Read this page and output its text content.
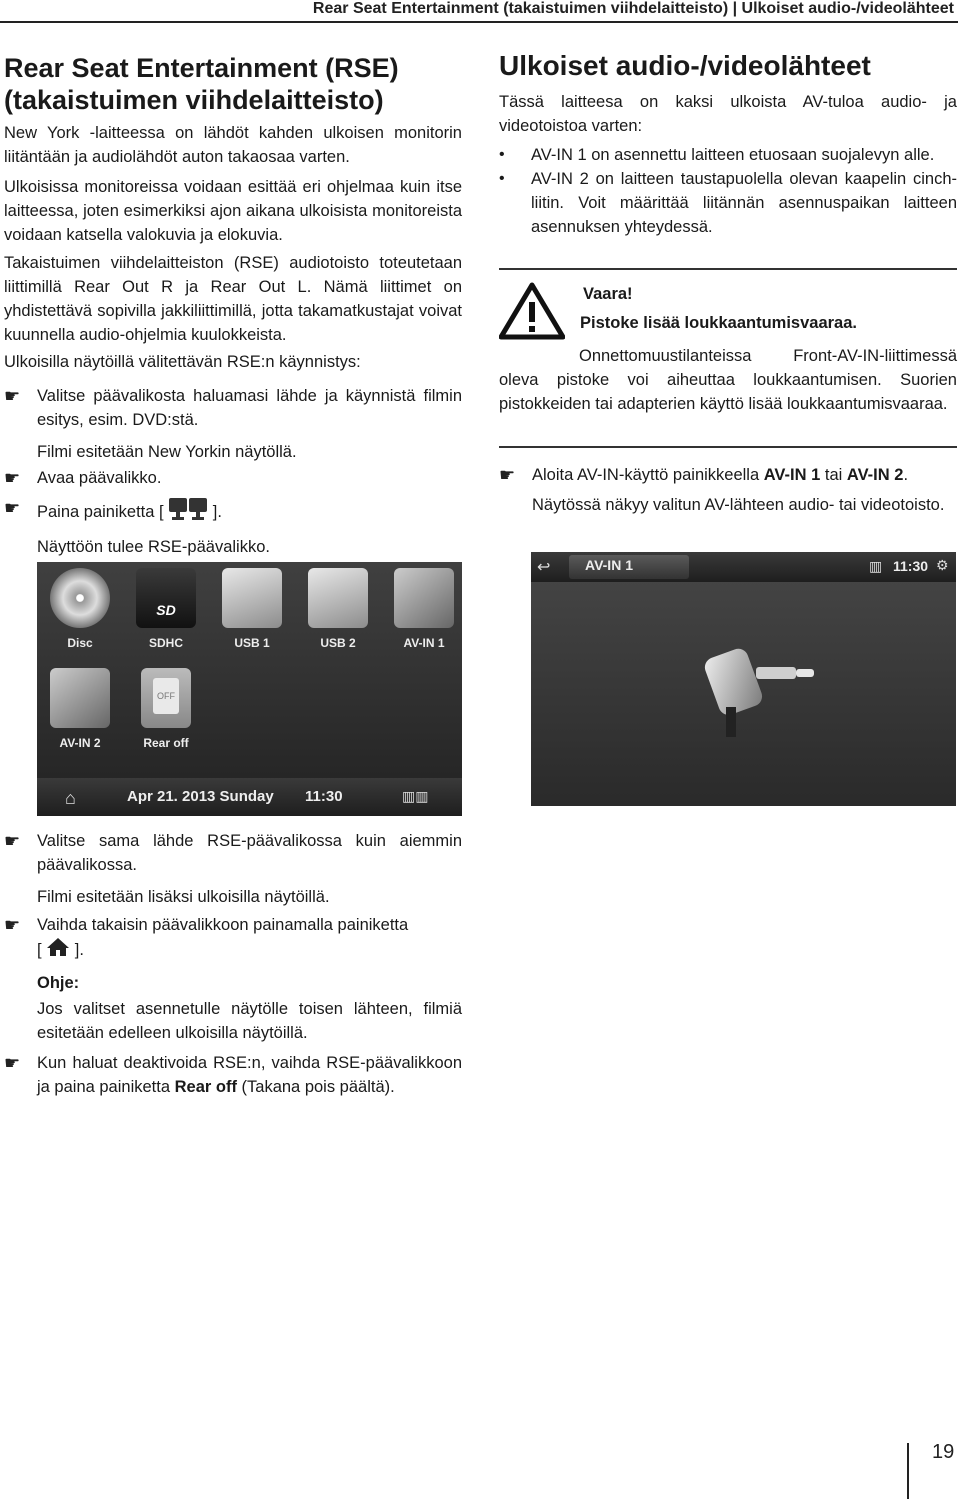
Rear Seat Entertainment (takaistuimen viihdelaitteisto) | Ulkoiset audio-/videolähteet
Rear Seat Entertainment (RSE)
(takaistuimen viihdelaitteisto)

New York -laitteessa on lähdöt kahden ulkoisen monitorin liitäntään ja audiolähdöt auton takaosaa varten.

Ulkoisissa monitoreissa voidaan esittää eri ohjelmaa kuin itse laitteessa, joten esimerkiksi ajon aikana ulkoisista monitoreista voidaan katsella valokuvia ja elokuvia.

Takaistuimen viihdelaitteiston (RSE) audiotoisto toteutetaan liittimillä Rear Out R ja Rear Out L. Nämä liittimet on yhdistettävä sopivilla jakkiliittimillä, jotta takamatkustajat voivat kuunnella audio-ohjelmia kuulokkeista.

Ulkoisilla näytöillä välitettävän RSE:n käynnistys:

☛	Valitse päävalikosta haluamasi lähde ja käynnistä filmin esitys, esim. DVD:stä.
Filmi esitetään New Yorkin näytöllä.
☛	Avaa päävalikko.
☛	Paina painiketta [	].
Näyttöön tulee RSE-päävalikko.
Disc
SD
SDHC	USB 1	USB 2	AV-IN 1
AV-IN 2
OFF
Rear off
⌂	Apr 21. 2013 Sunday 11:30	▥▥
☛	Valitse sama lähde RSE-päävalikossa kuin aiemmin päävalikossa.
Filmi esitetään lisäksi ulkoisilla näytöillä.
☛	Vaihda takaisin päävalikkoon painamalla painiketta
[ ].

Ohje:

Jos valitset asennetulle näytölle toisen lähteen, filmiä esitetään edelleen ulkoisilla näytöillä.

☛	Kun haluat deaktivoida RSE:n, vaihda RSE-päävalikkoon ja paina painiketta Rear off (Takana pois päältä).
Ulkoiset audio-/videolähteet

Tässä laitteesa on kaksi ulkoista AV-tuloa audio- ja videotoistoa varten:

• AV-IN 1 on asennettu laitteen etuosaan suojalevyn alle.
• AV-IN 2 on laitteen taustapuolella olevan kaapelin cinch-liitin. Voit määrittää liitännän asennuspaikan laitteen asennuksen yhteydessä.
Vaara!
Pistoke lisää loukkaantumisvaaraa.

Onnettomuustilanteissa Front-AV-IN-liittimessä oleva pistoke voi aiheuttaa loukkaantumisen. Suorien pistokkeiden tai adapterien käyttö lisää loukkaantumisvaaraa.

☛	Aloita AV-IN-käyttö painikkeella AV-IN 1 tai AV-IN 2.
Näytössä näkyy valitun AV-lähteen audio- tai videotoisto.
↩ AV-IN 1	▥ 11:30 ⚙
19
